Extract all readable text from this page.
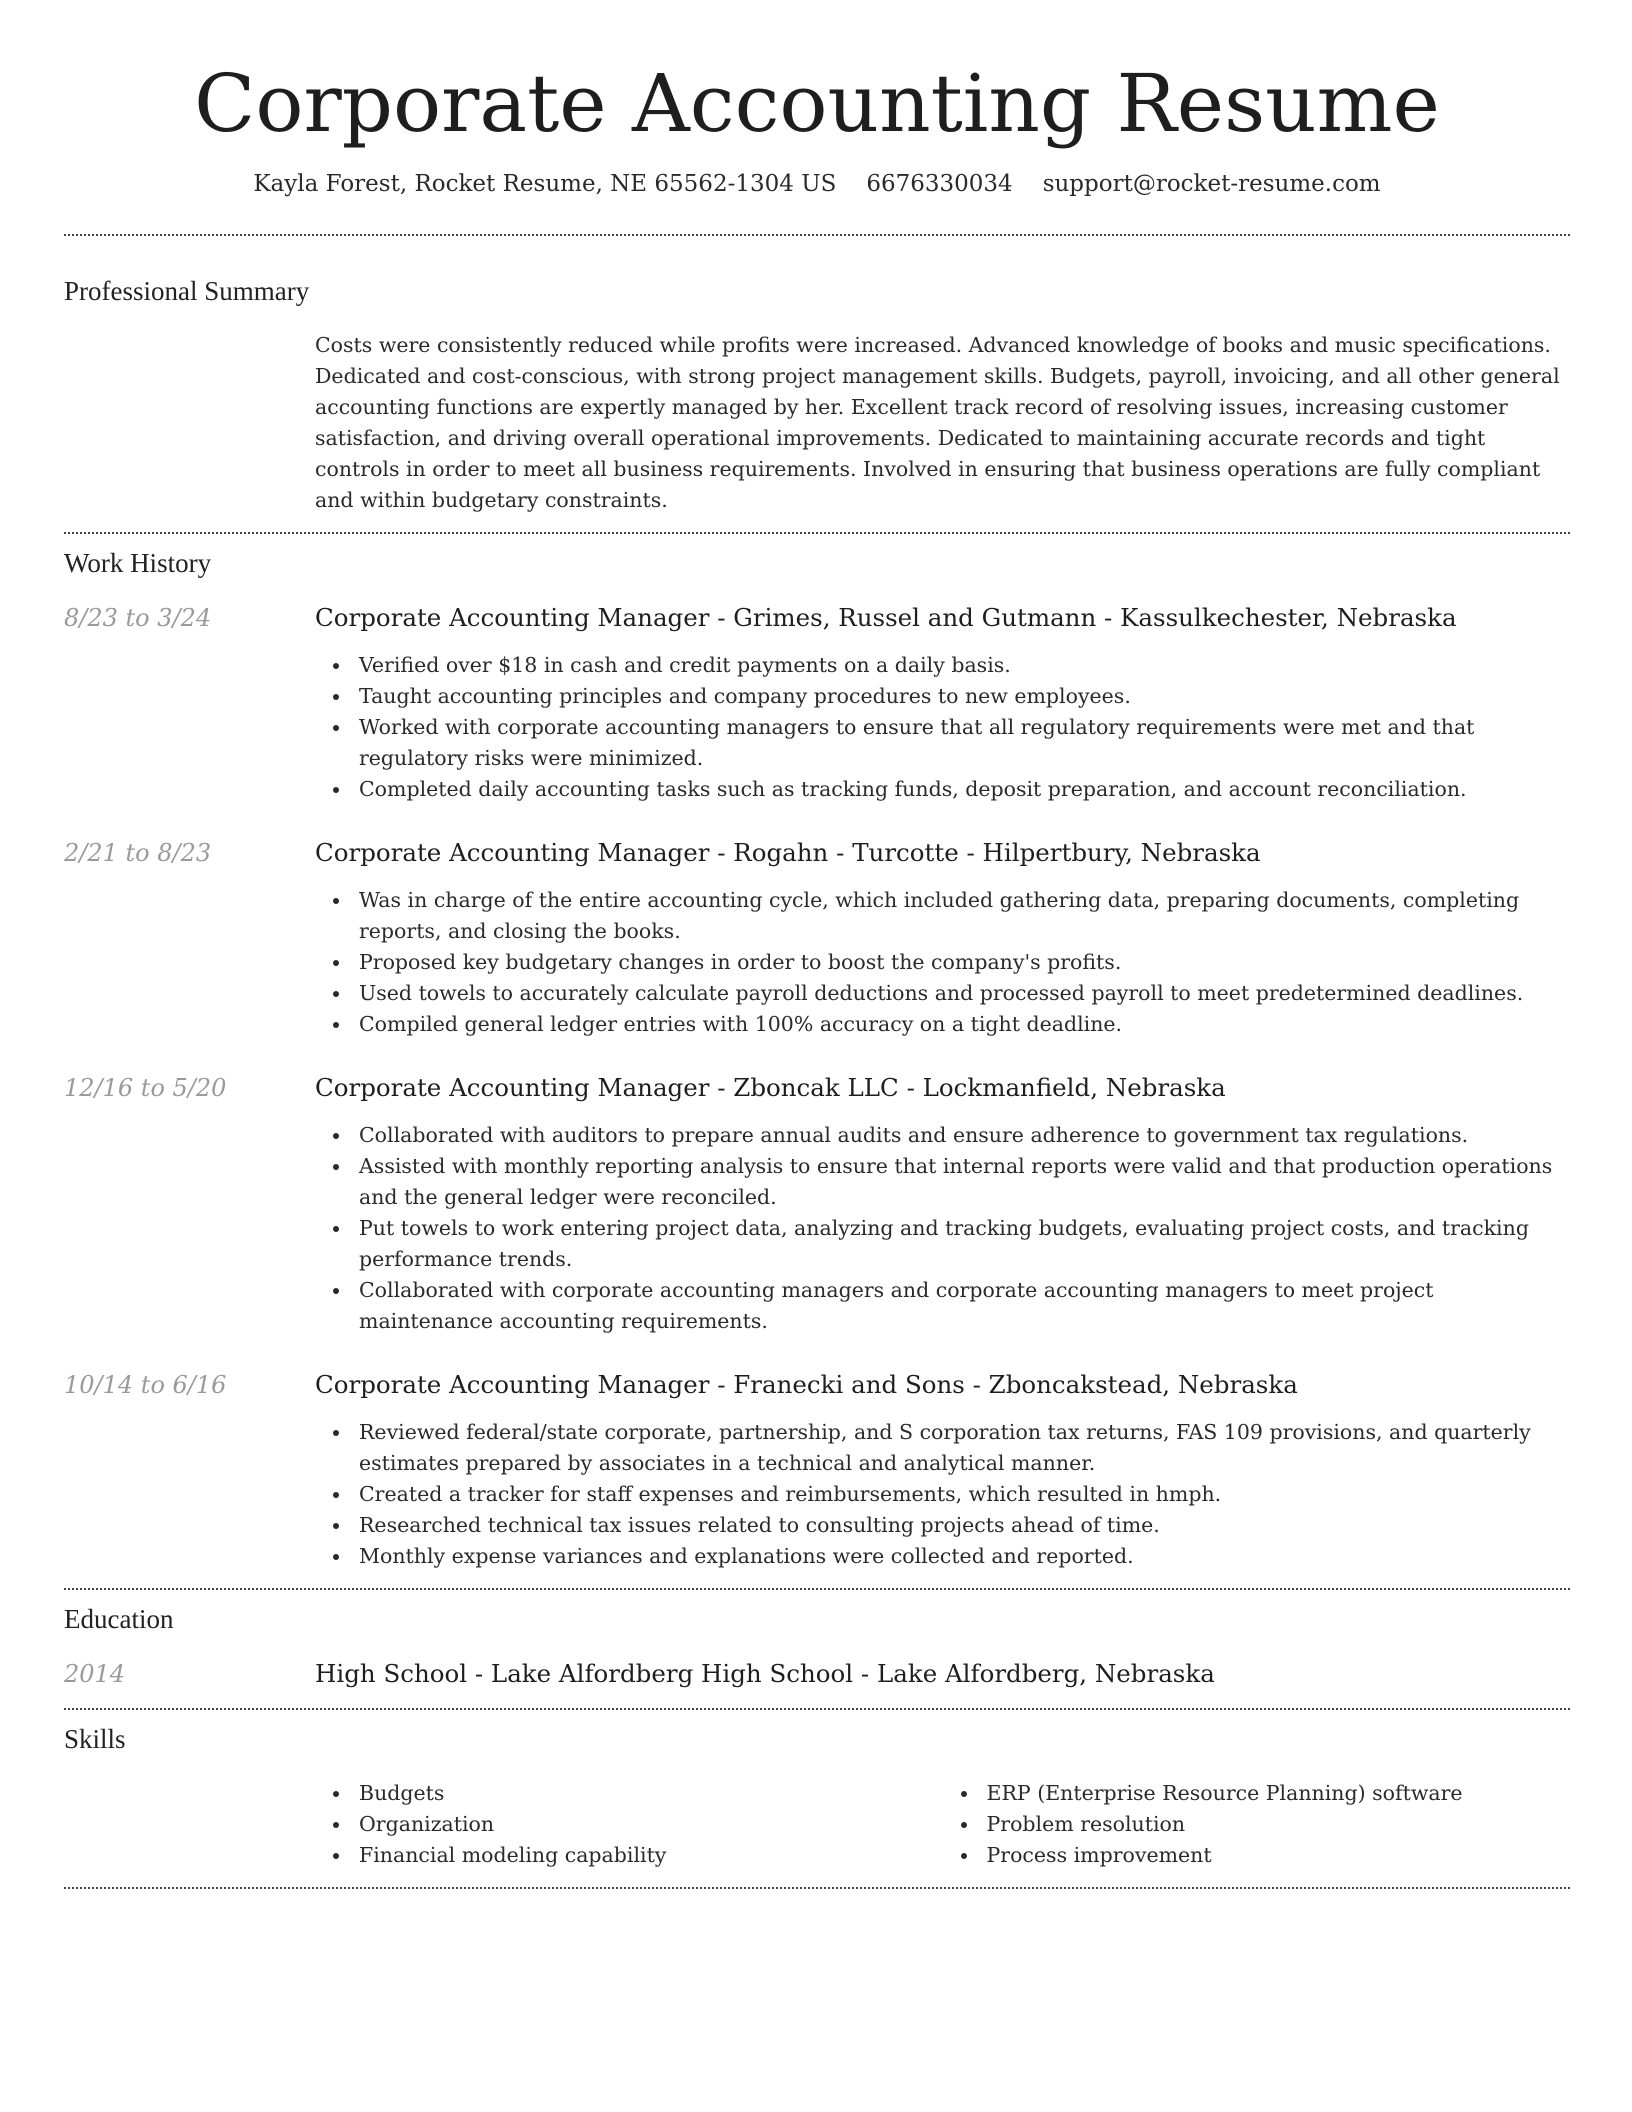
Corporate Accounting Resume
Kayla Forest, Rocket Resume, NE 65562-1304 US 6676330034 support@rocket-resume.com
Professional Summary

Costs were consistently reduced while profits were increased. Advanced knowledge of books and music specifications. Dedicated and cost-conscious, with strong project management skills. Budgets, payroll, invoicing, and all other general accounting functions are expertly managed by her. Excellent track record of resolving issues, increasing customer satisfaction, and driving overall operational improvements. Dedicated to maintaining accurate records and tight controls in order to meet all business requirements. Involved in ensuring that business operations are fully compliant and within budgetary constraints.

Work History
8/23 to 3/24	Corporate Accounting Manager - Grimes, Russel and Gutmann - Kassulkechester, Nebraska
Verified over $18 in cash and credit payments on a daily basis.
Taught accounting principles and company procedures to new employees.
Worked with corporate accounting managers to ensure that all regulatory requirements were met and that regulatory risks were minimized.
Completed daily accounting tasks such as tracking funds, deposit preparation, and account reconciliation.
2/21 to 8/23	Corporate Accounting Manager - Rogahn - Turcotte - Hilpertbury, Nebraska
Was in charge of the entire accounting cycle, which included gathering data, preparing documents, completing reports, and closing the books.
Proposed key budgetary changes in order to boost the company's profits.
Used towels to accurately calculate payroll deductions and processed payroll to meet predetermined deadlines.
Compiled general ledger entries with 100% accuracy on a tight deadline.
12/16 to 5/20	Corporate Accounting Manager - Zboncak LLC - Lockmanfield, Nebraska
Collaborated with auditors to prepare annual audits and ensure adherence to government tax regulations.
Assisted with monthly reporting analysis to ensure that internal reports were valid and that production operations and the general ledger were reconciled.
Put towels to work entering project data, analyzing and tracking budgets, evaluating project costs, and tracking performance trends.
Collaborated with corporate accounting managers and corporate accounting managers to meet project maintenance accounting requirements.
10/14 to 6/16	Corporate Accounting Manager - Franecki and Sons - Zboncakstead, Nebraska
Reviewed federal/state corporate, partnership, and S corporation tax returns, FAS 109 provisions, and quarterly estimates prepared by associates in a technical and analytical manner.
Created a tracker for staff expenses and reimbursements, which resulted in hmph.
Researched technical tax issues related to consulting projects ahead of time.
Monthly expense variances and explanations were collected and reported.
Education
2014	High School - Lake Alfordberg High School - Lake Alfordberg, Nebraska
Skills
Budgets
Organization
Financial modeling capability
ERP (Enterprise Resource Planning) software
Problem resolution
Process improvement
